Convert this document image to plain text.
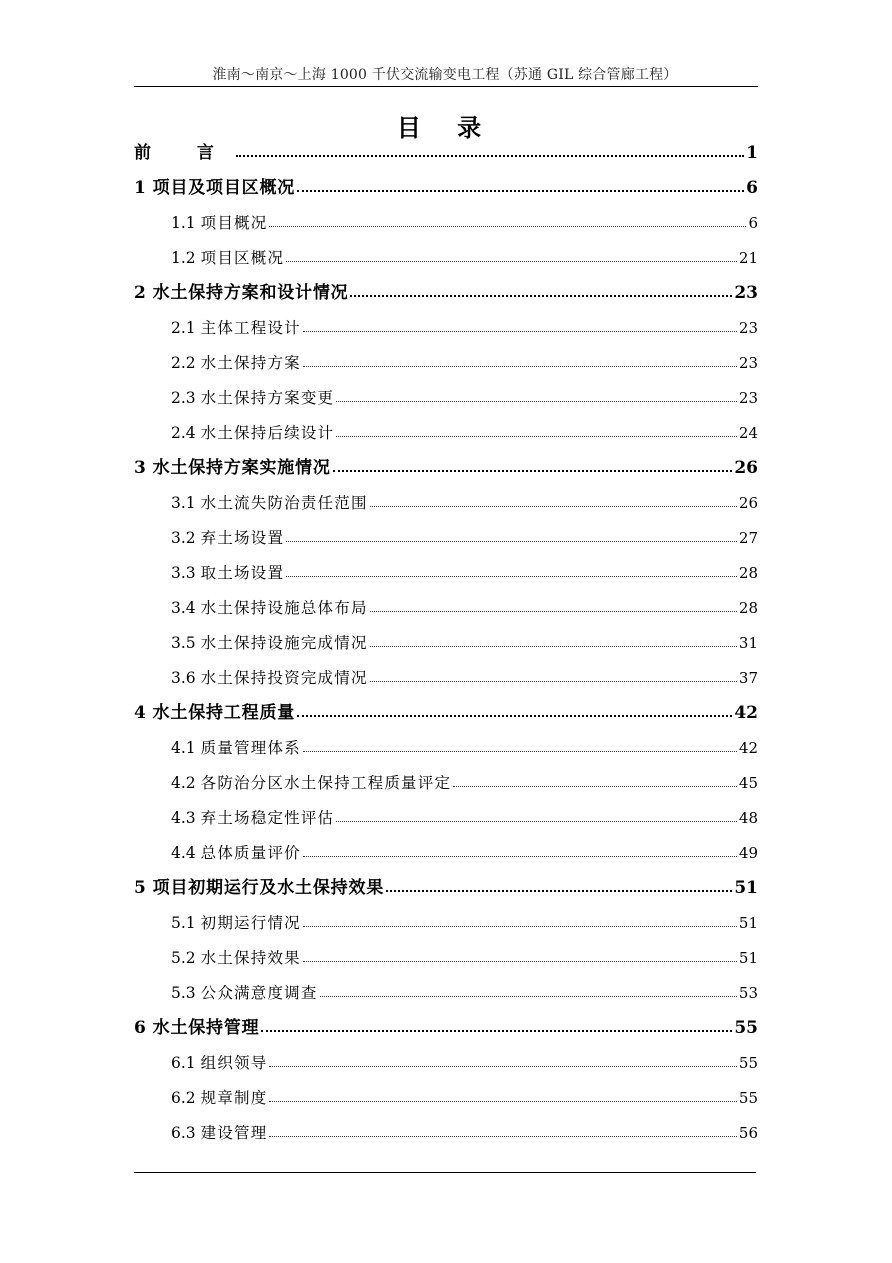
淮南～南京～上海 1000 千伏交流输变电工程（苏通 GIL 综合管廊工程）
目 录
前 言	1
1 项目及项目区概况	6
1.1 项目概况	6
1.2 项目区概况	21
2 水土保持方案和设计情况	23
2.1 主体工程设计	23
2.2 水土保持方案	23
2.3 水土保持方案变更	23
2.4 水土保持后续设计	24
3 水土保持方案实施情况	26
3.1 水土流失防治责任范围	26
3.2 弃土场设置	27
3.3 取土场设置	28
3.4 水土保持设施总体布局	28
3.5 水土保持设施完成情况	31
3.6 水土保持投资完成情况	37
4 水土保持工程质量	42
4.1 质量管理体系	42
4.2 各防治分区水土保持工程质量评定	45
4.3 弃土场稳定性评估	48
4.4 总体质量评价	49
5 项目初期运行及水土保持效果	51
5.1 初期运行情况	51
5.2 水土保持效果	51
5.3 公众满意度调查	53
6 水土保持管理	55
6.1 组织领导	55
6.2 规章制度	55
6.3 建设管理	56
